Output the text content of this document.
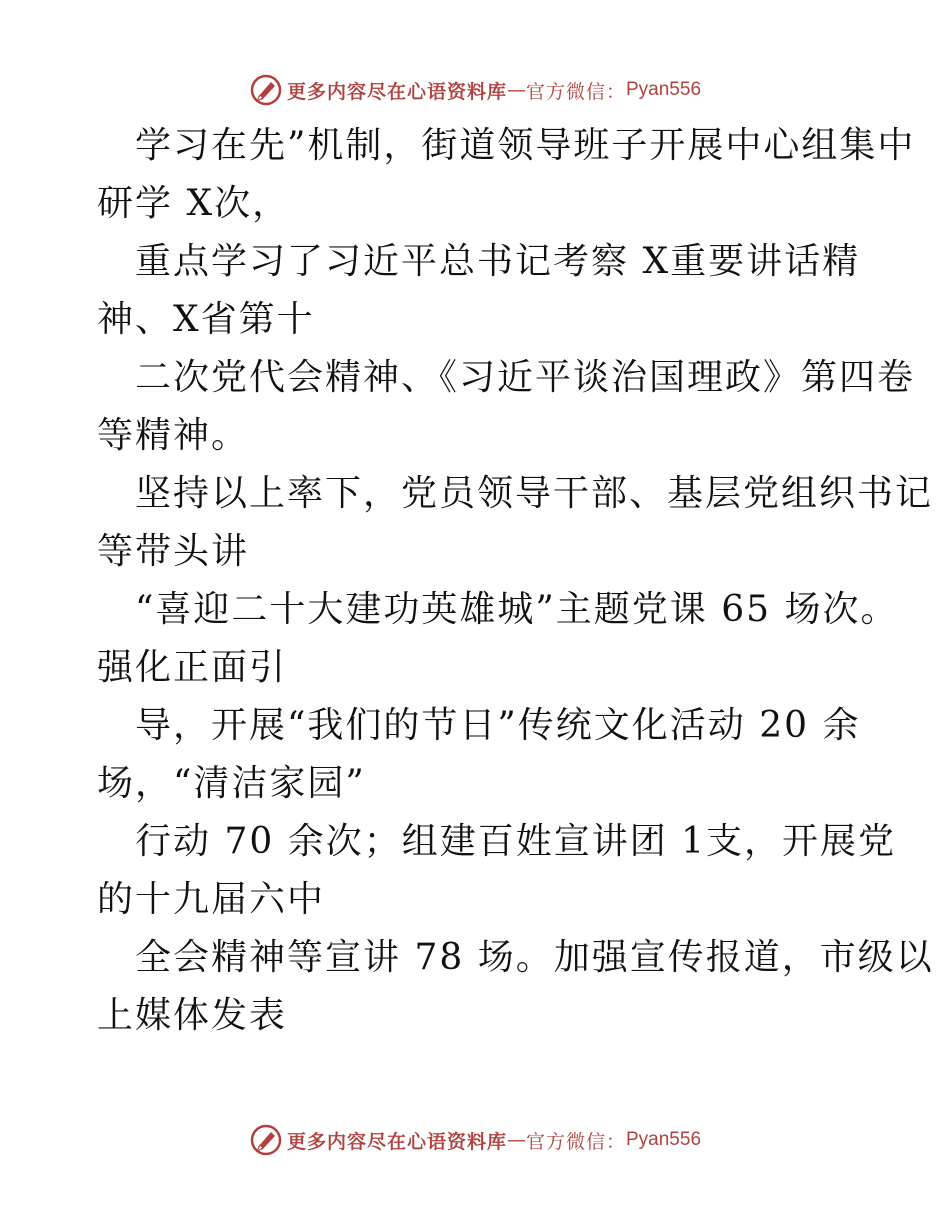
更多内容尽在心语资料库 — 官方微信： Pyan556
学习在先”机制，街道领导班子开展中心组集中
研学 X次，
重点学习了习近平总书记考察 X重要讲话精
神、X省第十
二次党代会精神、《习近平谈治国理政》第四卷
等精神。
坚持以上率下，党员领导干部、基层党组织书记
等带头讲
“喜迎二十大建功英雄城”主题党课 65 场次。
强化正面引
导，开展“我们的节日”传统文化活动 20 余
场，“清洁家园”
行动 70 余次；组建百姓宣讲团 1支，开展党
的十九届六中
全会精神等宣讲 78 场。加强宣传报道，市级以
上媒体发表
更多内容尽在心语资料库 — 官方微信： Pyan556
